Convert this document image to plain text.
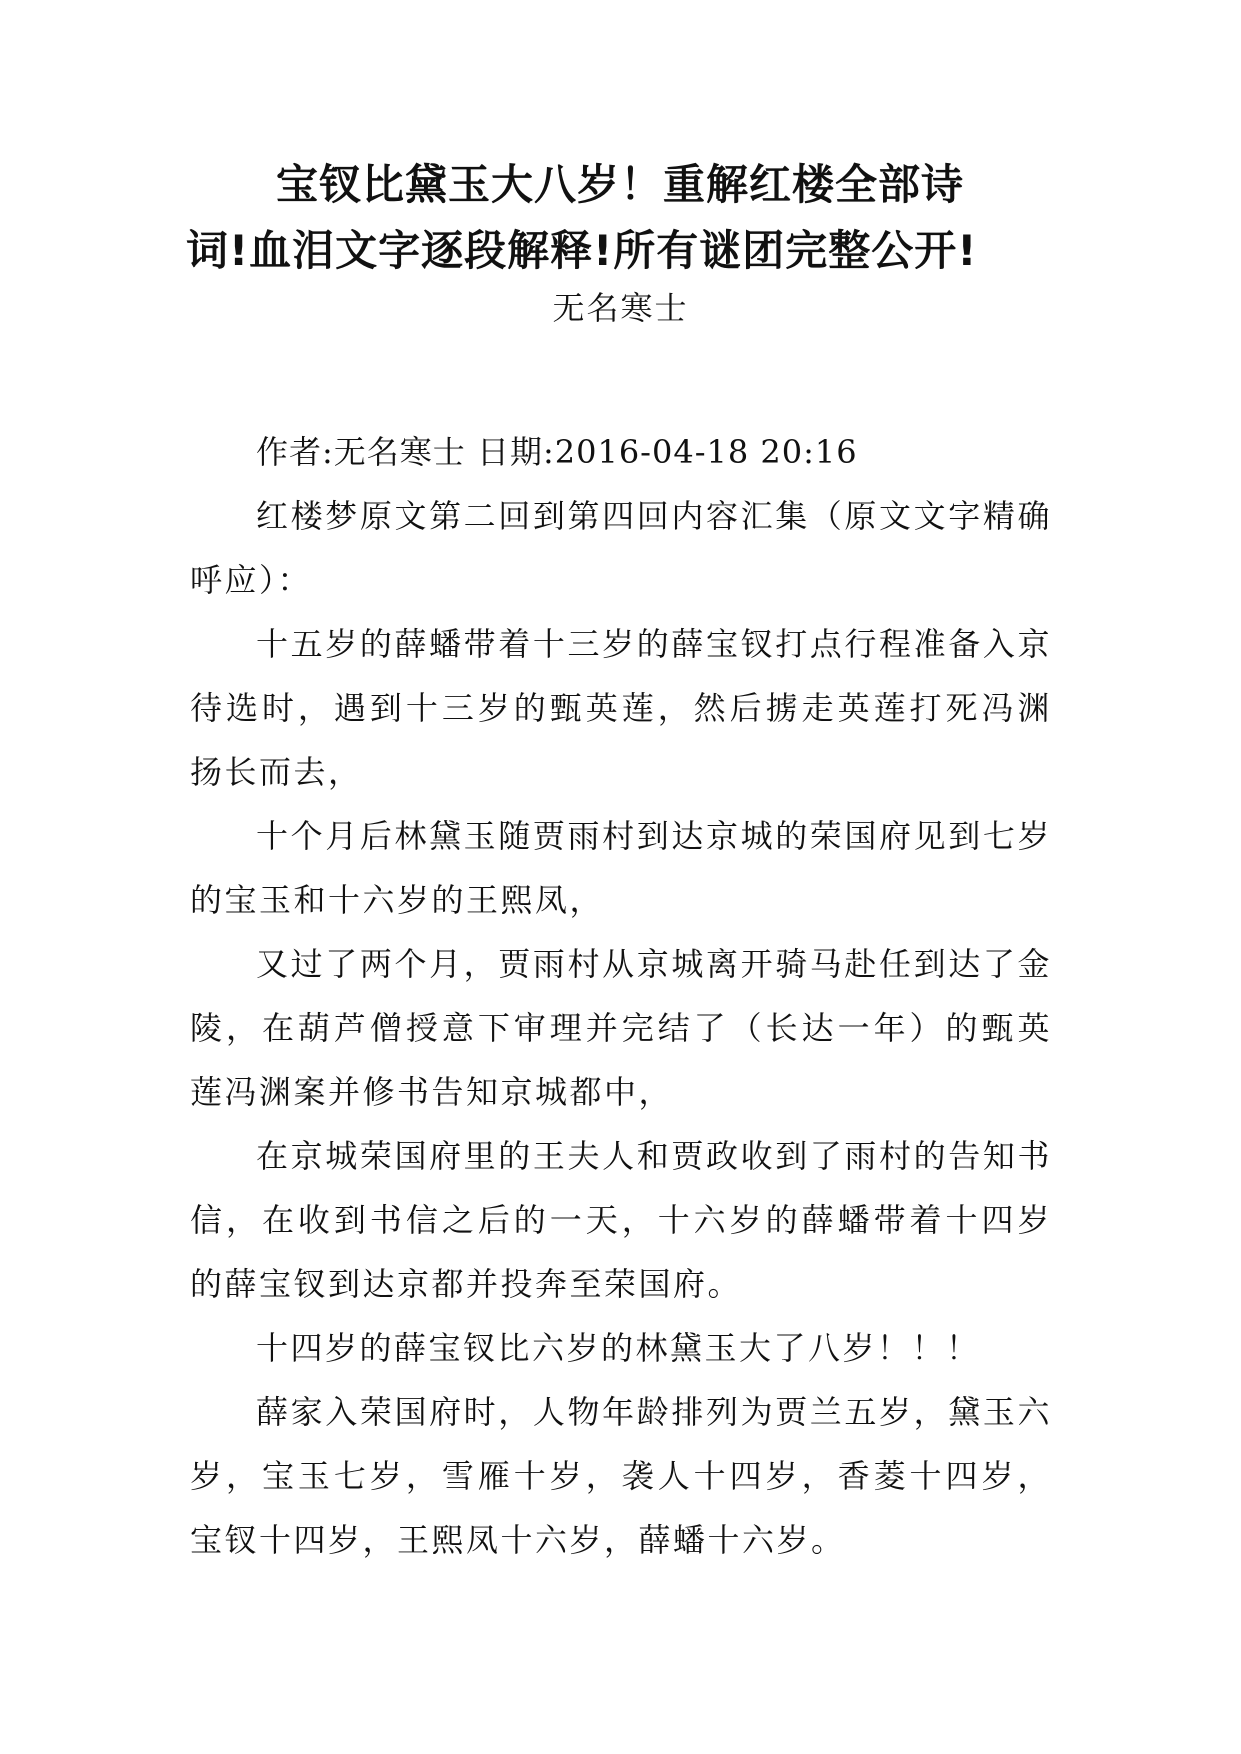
宝钗比黛玉大八岁！重解红楼全部诗
词!血泪文字逐段解释!所有谜团完整公开!
无名寒士

作者:无名寒士 日期:2016-04-18 20:16

红楼梦原文第二回到第四回内容汇集（原文文字精确呼应）：

十五岁的薛蟠带着十三岁的薛宝钗打点行程准备入京待选时，遇到十三岁的甄英莲，然后掳走英莲打死冯渊扬长而去，

十个月后林黛玉随贾雨村到达京城的荣国府见到七岁的宝玉和十六岁的王熙凤，

又过了两个月，贾雨村从京城离开骑马赴任到达了金陵，在葫芦僧授意下审理并完结了（长达一年）的甄英莲冯渊案并修书告知京城都中，

在京城荣国府里的王夫人和贾政收到了雨村的告知书信，在收到书信之后的一天，十六岁的薛蟠带着十四岁的薛宝钗到达京都并投奔至荣国府。

十四岁的薛宝钗比六岁的林黛玉大了八岁！！！

薛家入荣国府时，人物年龄排列为贾兰五岁，黛玉六岁，宝玉七岁，雪雁十岁，袭人十四岁，香菱十四岁，宝钗十四岁，王熙凤十六岁，薛蟠十六岁。
